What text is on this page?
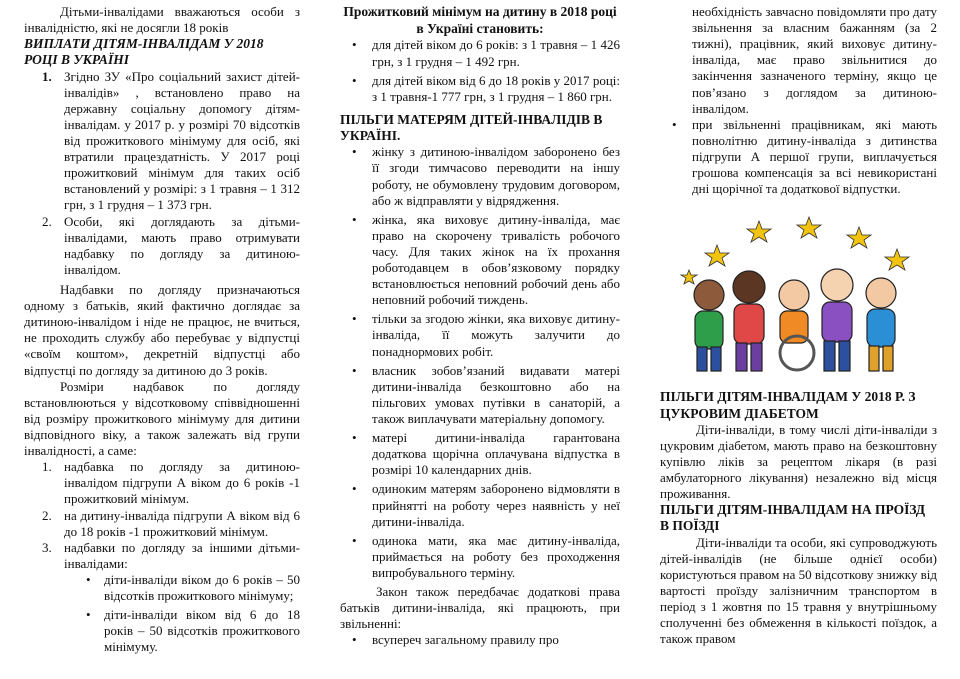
Дітьми-інвалідами вважаються особи з інвалідністю, які не досягли 18 років

ВИПЛАТИ ДІТЯМ-ІНВАЛІДАМ У 2018 РОЦІ В УКРАЇНІ

1. Згідно ЗУ «Про соціальний захист дітей-інвалідів» , встановлено право на державну соціальну допомогу дітям-інвалідам. у 2017 р. у розмірі 70 відсотків від прожиткового мінімуму для осіб, які втратили працездатність. У 2017 році прожитковий мінімум для таких осіб встановлений у розмірі: з 1 травня – 1 312 грн, з 1 грудня – 1 373 грн.
2. Особи, які доглядають за дітьми-інвалідами, мають право отримувати надбавку по догляду за дитиною-інвалідом.

Надбавки по догляду призначаються одному з батьків, який фактично доглядає за дитиною-інвалідом і ніде не працює, не вчиться, не проходить службу або перебуває у відпустці «своїм коштом», декретній відпустці або відпустці по догляду за дитиною до 3 років.

Розміри надбавок по догляду встановлюються у відсотковому співвідношенні від розміру прожиткового мінімуму для дитини відповідного віку, а також залежать від групи інвалідності, а саме:

1. надбавка по догляду за дитиною-інвалідом підгрупи А віком до 6 років -1 прожитковий мінімум.
2. на дитину-інваліда підгрупи А віком від 6 до 18 років -1 прожитковий мінімум.
3. надбавки по догляду за іншими дітьми-інвалідами:
• діти-інваліди віком до 6 років – 50 відсотків прожиткового мінімуму;
• діти-інваліди віком від 6 до 18 років – 50 відсотків прожиткового мінімуму.

Прожитковий мінімум на дитину в 2018 році в Україні становить:

• для дітей віком до 6 років: з 1 травня – 1 426 грн, з 1 грудня – 1 492 грн.
• для дітей віком від 6 до 18 років у 2017 році: з 1 травня-1 777 грн, з 1 грудня – 1 860 грн.

ПІЛЬГИ МАТЕРЯМ ДІТЕЙ-ІНВАЛІДІВ В УКРАЇНІ.

• жінку з дитиною-інвалідом заборонено без її згоди тимчасово переводити на іншу роботу, не обумовлену трудовим договором, або ж відправляти у відрядження.
• жінка, яка виховує дитину-інваліда, має право на скорочену тривалість робочого часу. Для таких жінок на їх прохання роботодавцем в обов’язковому порядку встановлюється неповний робочий день або неповний робочий тиждень.
• тільки за згодою жінки, яка виховує дитину-інваліда, її можуть залучити до понаднормових робіт.
• власник зобов’язаний видавати матері дитини-інваліда безкоштовно або на пільгових умовах путівки в санаторій, а також виплачувати матеріальну допомогу.
• матері дитини-інваліда гарантована додаткова щорічна оплачувана відпустка в розмірі 10 календарних днів.
• одиноким матерям заборонено відмовляти в прийнятті на роботу через наявність у неї дитини-інваліда.
• одинока мати, яка має дитину-інваліда, приймається на роботу без проходження випробувального терміну.

Закон також передбачає додаткові права батьків дитини-інваліда, які працюють, при звільненні:

• всупереч загальному правилу про

необхідність завчасно повідомляти про дату звільнення за власним бажанням (за 2 тижні), працівник, який виховує дитину-інваліда, має право звільнитися до закінчення зазначеного терміну, якщо це пов’язано з доглядом за дитиною-інвалідом.

• при звільненні працівникам, які мають повнолітню дитину-інваліда з дитинства підгрупи А першої групи, виплачується грошова компенсація за всі невикористані дні щорічної та додаткової відпустки.

ПІЛЬГИ ДІТЯМ-ІНВАЛІДАМ У 2018 Р. З ЦУКРОВИМ ДІАБЕТОМ

Діти-інваліди, в тому числі діти-інваліди з цукровим діабетом, мають право на безкоштовну купівлю ліків за рецептом лікаря (в разі амбулаторного лікування) незалежно від місця проживання.

ПІЛЬГИ ДІТЯМ-ІНВАЛІДАМ НА ПРОЇЗД В ПОЇЗДІ

Діти-інваліди та особи, які супроводжують дітей-інвалідів (не більше однієї особи) користуються правом на 50 відсоткову знижку від вартості проїзду залізничним транспортом в період з 1 жовтня по 15 травня у внутрішньому сполученні без обмеження в кількості поїздок, а також правом
